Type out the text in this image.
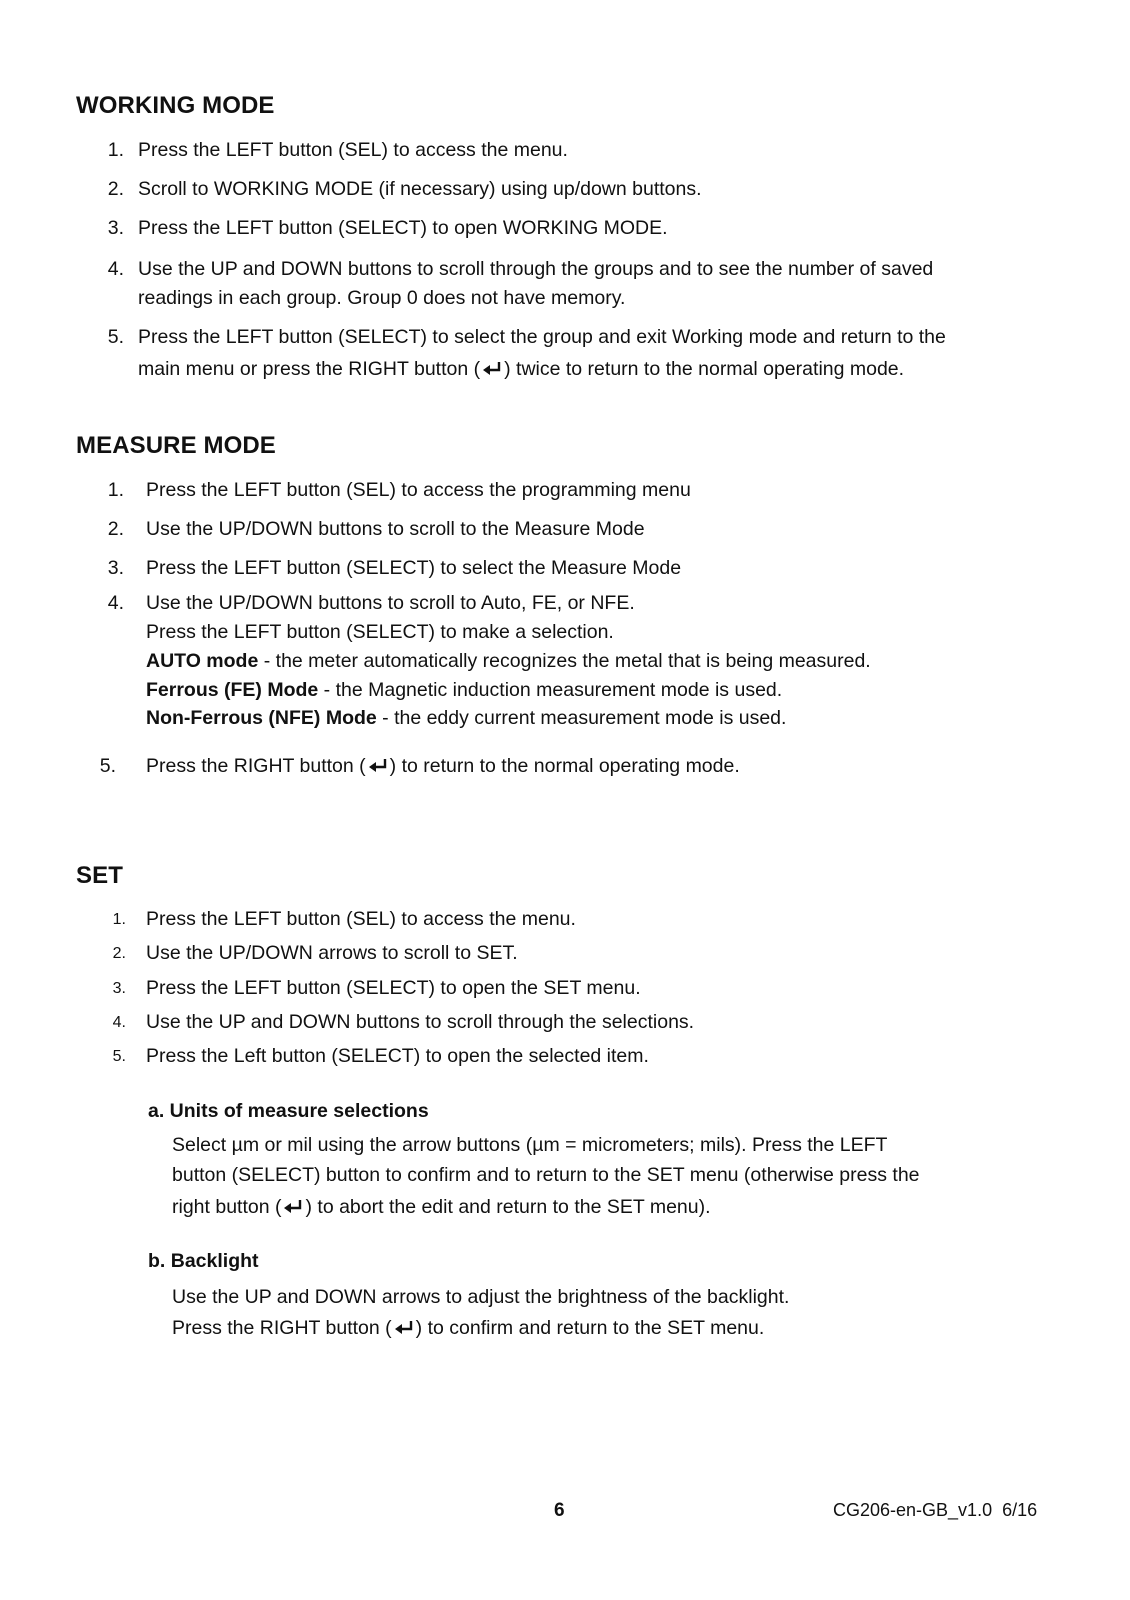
WORKING MODE
1. Press the LEFT button (SEL) to access the menu.
2. Scroll to WORKING MODE (if necessary) using up/down buttons.
3. Press the LEFT button (SELECT) to open WORKING MODE.
4. Use the UP and DOWN buttons to scroll through the groups and to see the number of saved
readings in each group. Group 0 does not have memory.
5. Press the LEFT button (SELECT) to select the group and exit Working mode and return to the
main menu or press the RIGHT button ( ) twice to return to the normal operating mode.
MEASURE MODE
1. Press the LEFT button (SEL) to access the programming menu
2. Use the UP/DOWN buttons to scroll to the Measure Mode
3. Press the LEFT button (SELECT) to select the Measure Mode
4. Use the UP/DOWN buttons to scroll to Auto, FE, or NFE.
Press the LEFT button (SELECT) to make a selection.
AUTO mode - the meter automatically recognizes the metal that is being measured.
Ferrous (FE) Mode - the Magnetic induction measurement mode is used.
Non-Ferrous (NFE) Mode - the eddy current measurement mode is used.
5. Press the RIGHT button ( ) to return to the normal operating mode.
SET
1. Press the LEFT button (SEL) to access the menu.
2. Use the UP/DOWN arrows to scroll to SET.
3. Press the LEFT button (SELECT) to open the SET menu.
4. Use the UP and DOWN buttons to scroll through the selections.
5. Press the Left button (SELECT) to open the selected item.
a. Units of measure selections
Select µm or mil using the arrow buttons (µm = micrometers; mils). Press the LEFT
button (SELECT) button to confirm and to return to the SET menu (otherwise press the
right button ( ) to abort the edit and return to the SET menu).
b. Backlight
Use the UP and DOWN arrows to adjust the brightness of the backlight.
Press the RIGHT button ( ) to confirm and return to the SET menu.
6	CG206-en-GB_v1.0  6/16
